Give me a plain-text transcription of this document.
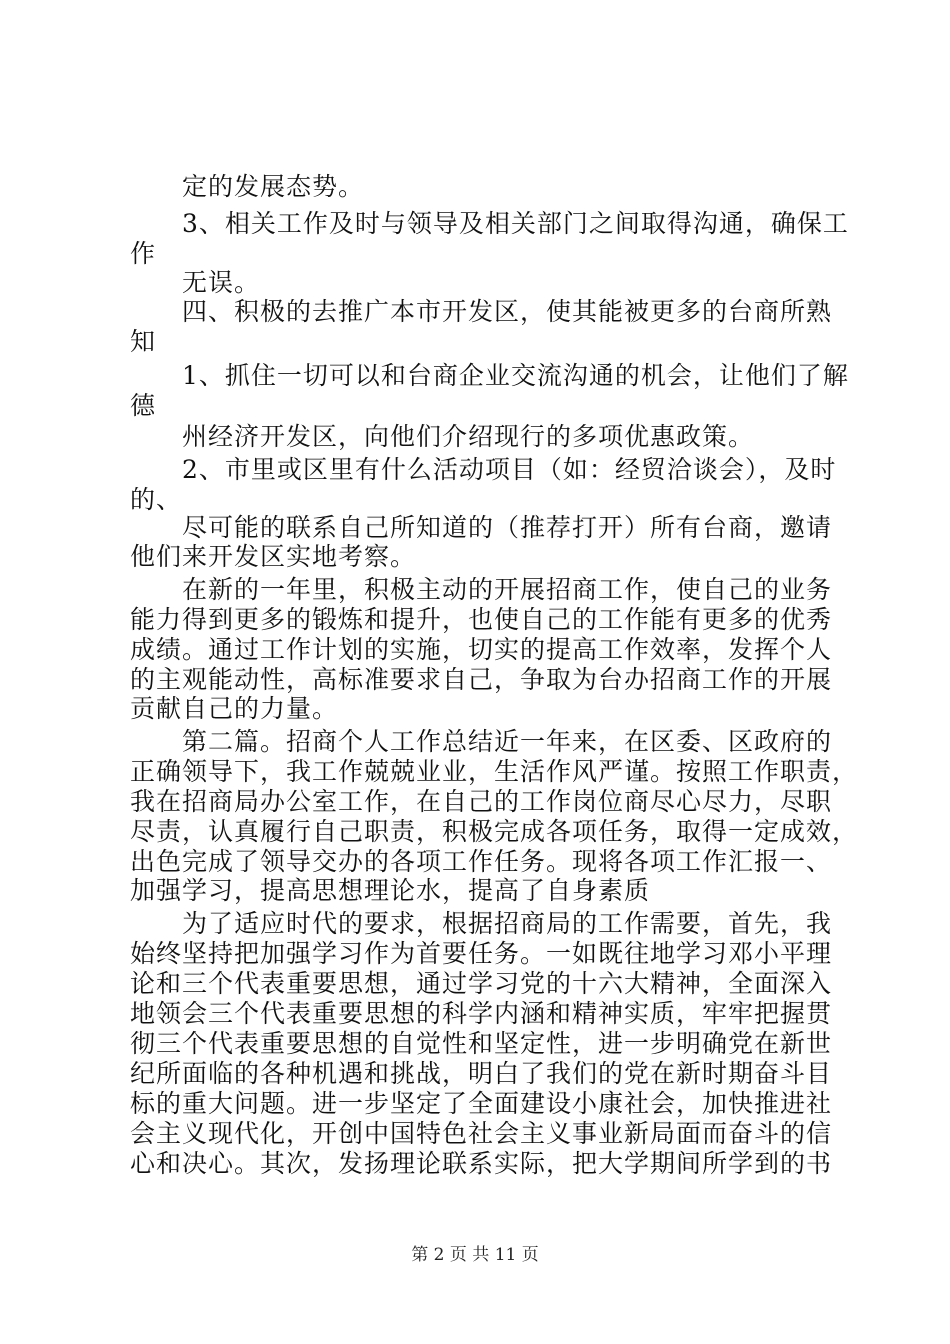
　　定的发展态势。
　　3、相关工作及时与领导及相关部门之间取得沟通，确保工
作
　　无误。
　　四、积极的去推广本市开发区，使其能被更多的台商所熟
知
　　1、抓住一切可以和台商企业交流沟通的机会，让他们了解
德
　　州经济开发区，向他们介绍现行的多项优惠政策。
　　2、市里或区里有什么活动项目（如：经贸洽谈会），及时
的、
　　尽可能的联系自己所知道的（推荐打开）所有台商，邀请
他们来开发区实地考察。
　　在新的一年里，积极主动的开展招商工作，使自己的业务
能力得到更多的锻炼和提升，也使自己的工作能有更多的优秀
成绩。通过工作计划的实施，切实的提高工作效率，发挥个人
的主观能动性，高标准要求自己，争取为台办招商工作的开展
贡献自己的力量。
　　第二篇。招商个人工作总结近一年来，在区委、区政府的
正确领导下，我工作兢兢业业，生活作风严谨。按照工作职责，
我在招商局办公室工作，在自己的工作岗位商尽心尽力，尽职
尽责，认真履行自己职责，积极完成各项任务，取得一定成效，
出色完成了领导交办的各项工作任务。现将各项工作汇报一、
加强学习，提高思想理论水，提高了自身素质
　　为了适应时代的要求，根据招商局的工作需要，首先，我
始终坚持把加强学习作为首要任务。一如既往地学习邓小平理
论和三个代表重要思想，通过学习党的十六大精神，全面深入
地领会三个代表重要思想的科学内涵和精神实质，牢牢把握贯
彻三个代表重要思想的自觉性和坚定性，进一步明确党在新世
纪所面临的各种机遇和挑战，明白了我们的党在新时期奋斗目
标的重大问题。进一步坚定了全面建设小康社会，加快推进社
会主义现代化，开创中国特色社会主义事业新局面而奋斗的信
心和决心。其次，发扬理论联系实际，把大学期间所学到的书
第 2 页 共 11 页
